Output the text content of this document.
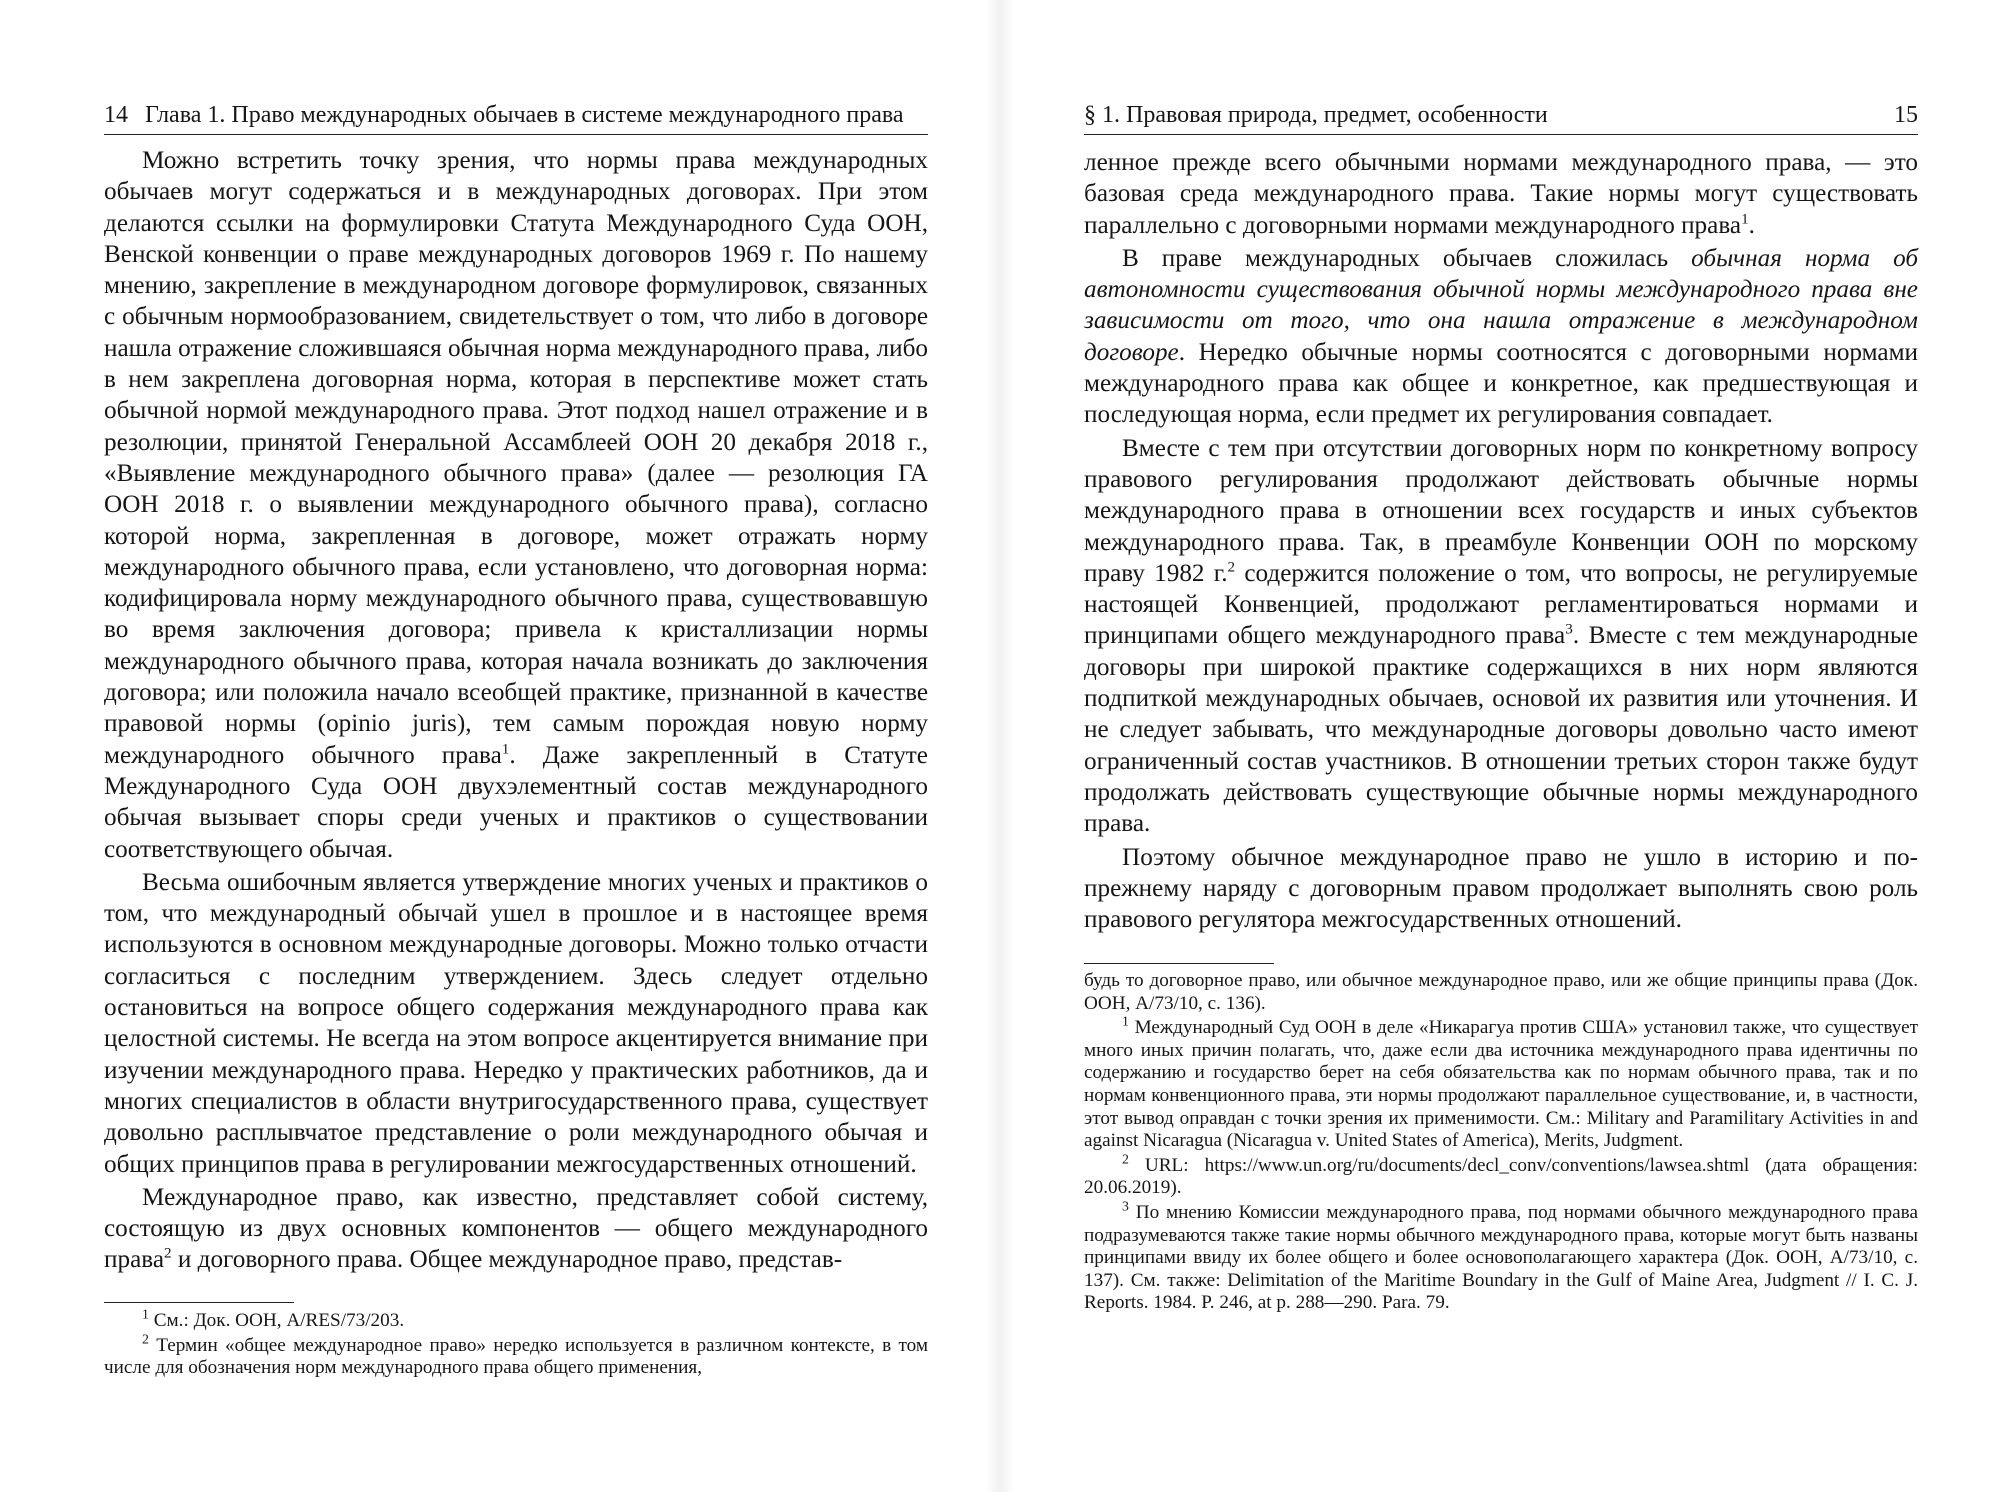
14 Глава 1. Право международных обычаев в системе международного права

Можно встретить точку зрения, что нормы права международных обычаев могут содержаться и в международных договорах. При этом делаются ссылки на формулировки Статута Международного Суда ООН, Венской конвенции о праве международных договоров 1969 г. По нашему мнению, закрепление в международном договоре формулировок, связанных с обычным нормообразованием, свидетельствует о том, что либо в договоре нашла отражение сложившаяся обычная норма международного права, либо в нем закреплена договорная норма, которая в перспективе может стать обычной нормой международного права. Этот подход нашел отражение и в резолюции, принятой Генеральной Ассамблеей ООН 20 декабря 2018 г., «Выявление международного обычного права» (далее — резолюция ГА ООН 2018 г. о выявлении международного обычного права), согласно которой норма, закрепленная в договоре, может отражать норму международного обычного права, если установлено, что договорная норма: кодифицировала норму международного обычного права, существовавшую во время заключения договора; привела к кристаллизации нормы международного обычного права, которая начала возникать до заключения договора; или положила начало всеобщей практике, признанной в качестве правовой нормы (opinio juris), тем самым порождая новую норму международного обычного права$^1$. Даже закрепленный в Статуте Международного Суда ООН двухэлементный состав международного обычая вызывает споры среди ученых и практиков о существовании соответствующего обычая.

Весьма ошибочным является утверждение многих ученых и практиков о том, что международный обычай ушел в прошлое и в настоящее время используются в основном международные договоры. Можно только отчасти согласиться с последним утверждением. Здесь следует отдельно остановиться на вопросе общего содержания международного права как целостной системы. Не всегда на этом вопросе акцентируется внимание при изучении международного права. Нередко у практических работников, да и многих специалистов в области внутригосударственного права, существует довольно расплывчатое представление о роли международного обычая и общих принципов права в регулировании межгосударственных отношений.

Международное право, как известно, представляет собой систему, состоящую из двух основных компонентов — общего международного права$^2$ и договорного права. Общее международное право, представ-

$^1$ См.: Док. ООН, A/RES/73/203.

$^2$ Термин «общее международное право» нередко используется в различном контексте, в том числе для обозначения норм международного права общего применения,

§ 1. Правовая природа, предмет, особенности	15

ленное прежде всего обычными нормами международного права, — это базовая среда международного права. Такие нормы могут существовать параллельно с договорными нормами международного права$^1$.

В праве международных обычаев сложилась обычная норма об автономности существования обычной нормы международного права вне зависимости от того, что она нашла отражение в международном договоре. Нередко обычные нормы соотносятся с договорными нормами международного права как общее и конкретное, как предшествующая и последующая норма, если предмет их регулирования совпадает.

Вместе с тем при отсутствии договорных норм по конкретному вопросу правового регулирования продолжают действовать обычные нормы международного права в отношении всех государств и иных субъектов международного права. Так, в преамбуле Конвенции ООН по морскому праву 1982 г.$^2$ содержится положение о том, что вопросы, не регулируемые настоящей Конвенцией, продолжают регламентироваться нормами и принципами общего международного права$^3$. Вместе с тем международные договоры при широкой практике содержащихся в них норм являются подпиткой международных обычаев, основой их развития или уточнения. И не следует забывать, что международные договоры довольно часто имеют ограниченный состав участников. В отношении третьих сторон также будут продолжать действовать существующие обычные нормы международного права.

Поэтому обычное международное право не ушло в историю и по-прежнему наряду с договорным правом продолжает выполнять свою роль правового регулятора межгосударственных отношений.

будь то договорное право, или обычное международное право, или же общие принципы права (Док. ООН, A/73/10, с. 136).

$^1$ Международный Суд ООН в деле «Никарагуа против США» установил также, что существует много иных причин полагать, что, даже если два источника международного права идентичны по содержанию и государство берет на себя обязательства как по нормам обычного права, так и по нормам конвенционного права, эти нормы продолжают параллельное существование, и, в частности, этот вывод оправдан с точки зрения их применимости. См.: Military and Paramilitary Activities in and against Nicaragua (Nicaragua v. United States of America), Merits, Judgment.

$^2$ URL: https://www.un.org/ru/documents/decl_conv/conventions/lawsea.shtml (дата обращения: 20.06.2019).

$^3$ По мнению Комиссии международного права, под нормами обычного международного права подразумеваются также такие нормы обычного международного права, которые могут быть названы принципами ввиду их более общего и более основополагающего характера (Док. ООН, A/73/10, с. 137). См. также: Delimitation of the Maritime Boundary in the Gulf of Maine Area, Judgment // I. C. J. Reports. 1984. P. 246, at p. 288—290. Para. 79.
